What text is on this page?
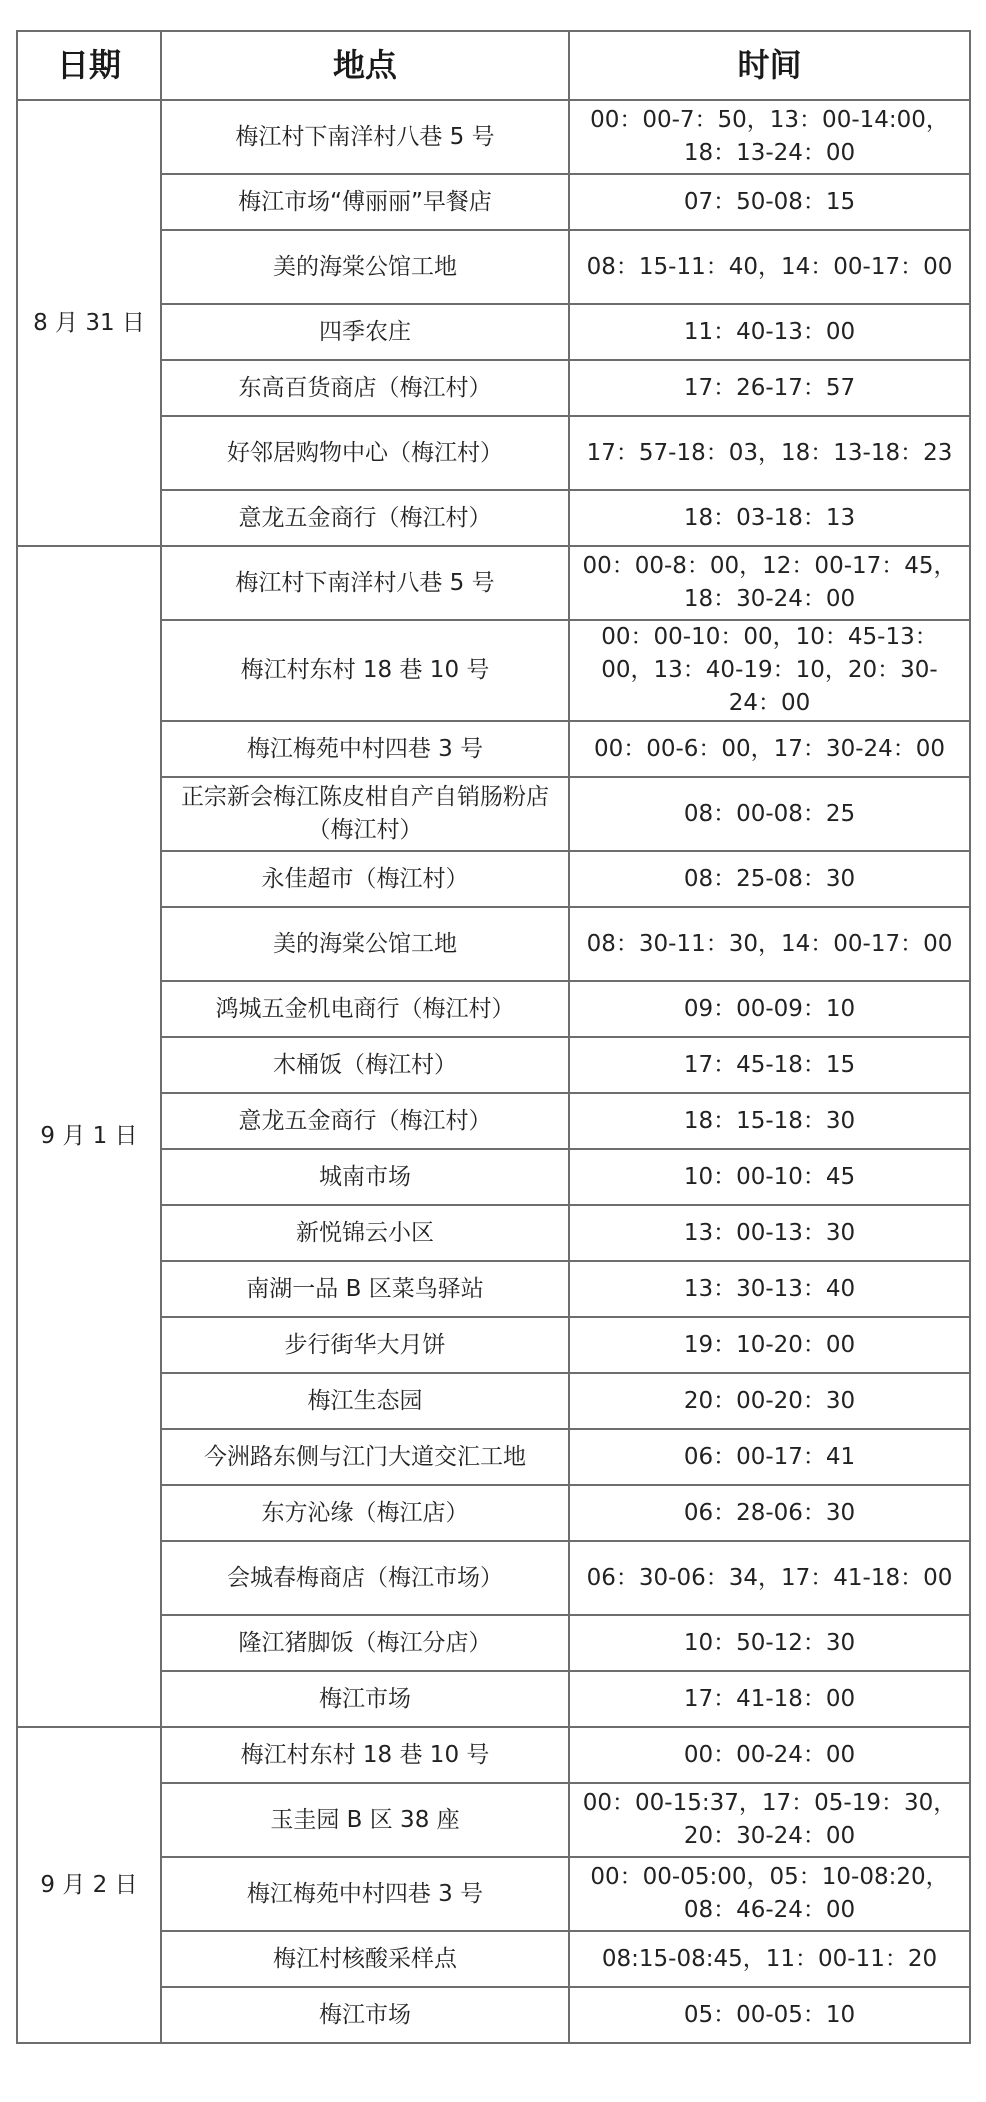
日期	地点	时间
8 月 31 日	梅江村下南洋村八巷 5 号	00：00-7：50，13：00-14:00，18：13-24：00
	梅江市场“傅丽丽”早餐店	07：50-08：15
	美的海棠公馆工地	08：15-11：40，14：00-17：00
	四季农庄	11：40-13：00
	东高百货商店（梅江村）	17：26-17：57
	好邻居购物中心（梅江村）	17：57-18：03，18：13-18：23
	意龙五金商行（梅江村）	18：03-18：13
9 月 1 日	梅江村下南洋村八巷 5 号	00：00-8：00，12：00-17：45，18：30-24：00
	梅江村东村 18 巷 10 号	00：00-10：00，10：45-13：00，13：40-19：10，20：30-24：00
	梅江梅苑中村四巷 3 号	00：00-6：00，17：30-24：00
	正宗新会梅江陈皮柑自产自销肠粉店（梅江村）	08：00-08：25
	永佳超市（梅江村）	08：25-08：30
	美的海棠公馆工地	08：30-11：30，14：00-17：00
	鸿城五金机电商行（梅江村）	09：00-09：10
	木桶饭（梅江村）	17：45-18：15
	意龙五金商行（梅江村）	18：15-18：30
	城南市场	10：00-10：45
	新悦锦云小区	13：00-13：30
	南湖一品 B 区菜鸟驿站	13：30-13：40
	步行街华大月饼	19：10-20：00
	梅江生态园	20：00-20：30
	今洲路东侧与江门大道交汇工地	06：00-17：41
	东方沁缘（梅江店）	06：28-06：30
	会城春梅商店（梅江市场）	06：30-06：34，17：41-18：00
	隆江猪脚饭（梅江分店）	10：50-12：30
	梅江市场	17：41-18：00
9 月 2 日	梅江村东村 18 巷 10 号	00：00-24：00
	玉圭园 B 区 38 座	00：00-15:37，17：05-19：30，20：30-24：00
	梅江梅苑中村四巷 3 号	00：00-05:00，05：10-08:20，08：46-24：00
	梅江村核酸采样点	08:15-08:45，11：00-11：20
	梅江市场	05：00-05：10
